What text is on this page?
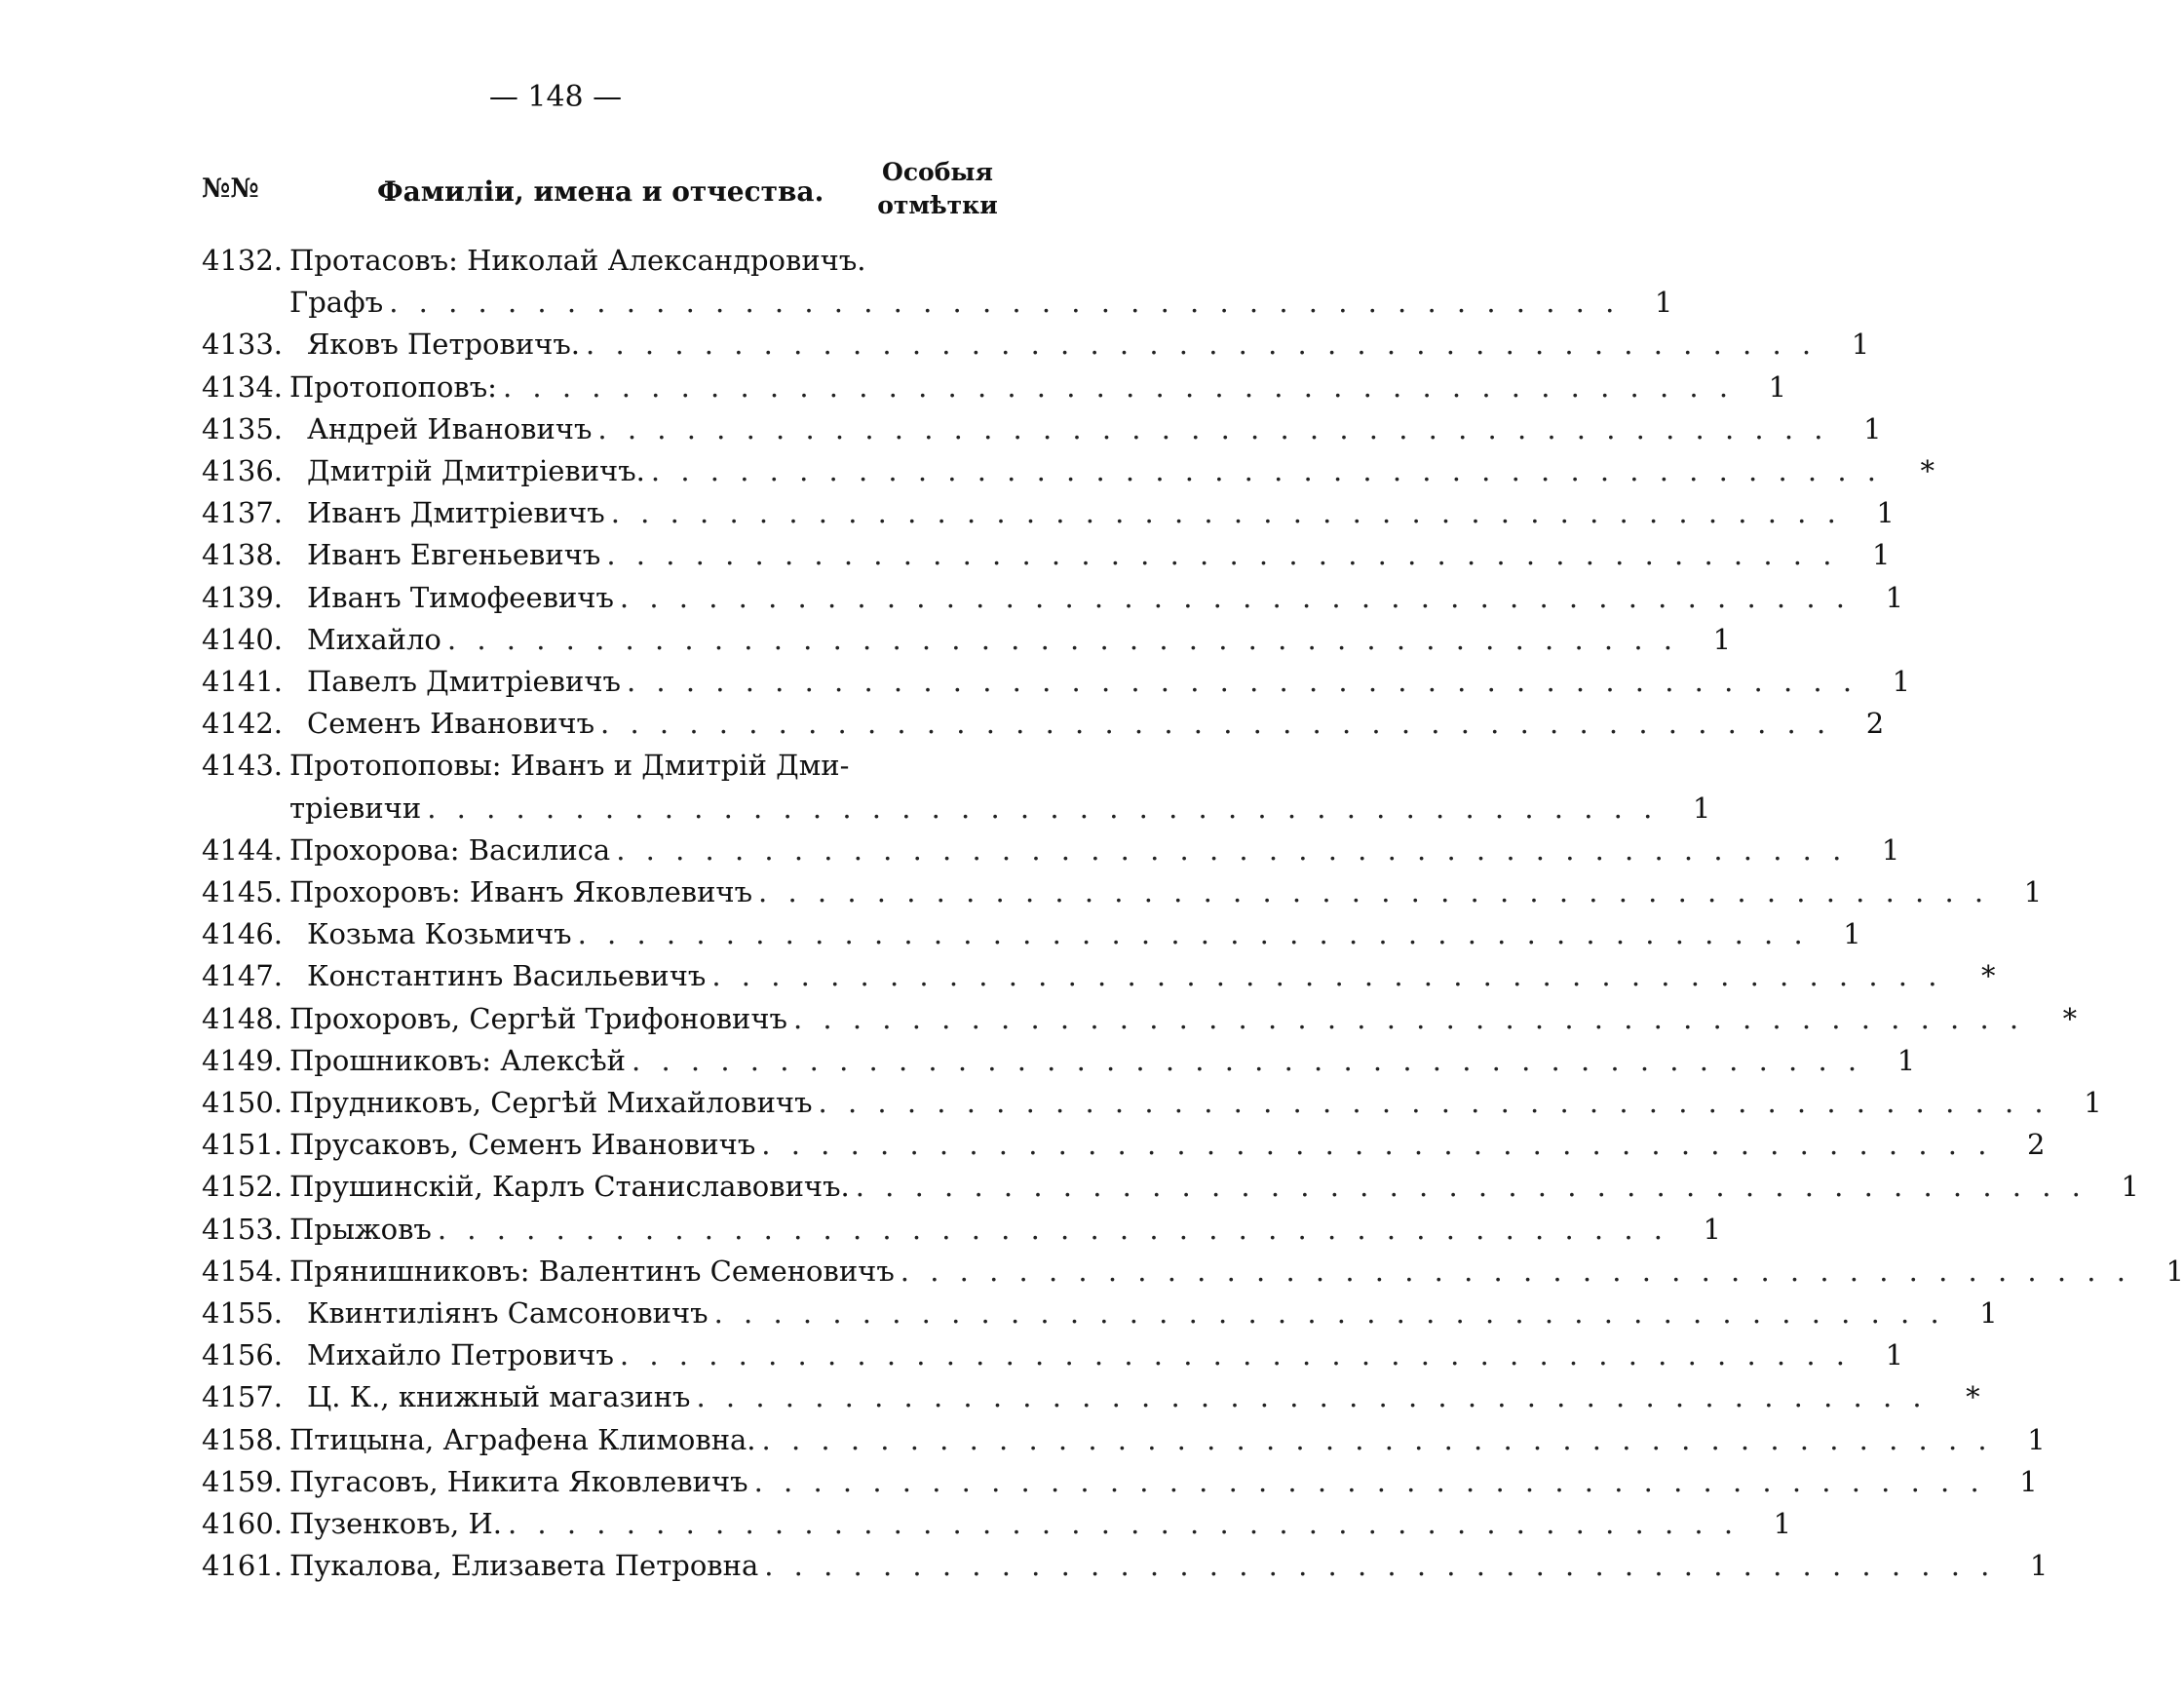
— 148 —
№№	Фамиліи, имена и отчества.
Особыя
отмѣтки
4132. Протасовъ: Николай Александровичъ.
Графъ . . .	1
4133. Яковъ Петровичъ. . . .	1
4134. Протопоповъ: . . .	1
4135. Андрей Ивановичъ . . .	1
4136. Дмитрій Дмитріевичъ. . . .	*
4137. Иванъ Дмитріевичъ . . .	1
4138. Иванъ Евгеньевичъ . . .	1
4139. Иванъ Тимофеевичъ . . .	1
4140. Михайло . . .	1
4141. Павелъ Дмитріевичъ . . .	1
4142. Семенъ Ивановичъ . . .	2
4143. Протопоповы: Иванъ и Дмитрій Дми-
тріевичи . . .	1
4144. Прохорова: Василиса . . .	1
4145. Прохоровъ: Иванъ Яковлевичъ . . .	1
4146. Козьма Козьмичъ . . .	1
4147. Константинъ Васильевичъ . . .	*
4148. Прохоровъ, Сергѣй Трифоновичъ . . .	*
4149. Прошниковъ: Алексѣй . . .	1
4150. Прудниковъ, Сергѣй Михайловичъ . . .	1
4151. Прусаковъ, Семенъ Ивановичъ . . .	2
4152. Прушинскій, Карлъ Станиславовичъ. . . .	1
4153. Прыжовъ . . .	1
4154. Прянишниковъ: Валентинъ Семеновичъ . . .	1
4155. Квинтиліянъ Самсоновичъ . . .	1
4156. Михайло Петровичъ . . .	1
4157. Ц. К., книжный магазинъ . . .	*
4158. Птицына, Аграфена Климовна. . . .	1
4159. Пугасовъ, Никита Яковлевичъ . . .	1
4160. Пузенковъ, И. . . .	1
4161. Пукалова, Елизавета Петровна . . .	1
